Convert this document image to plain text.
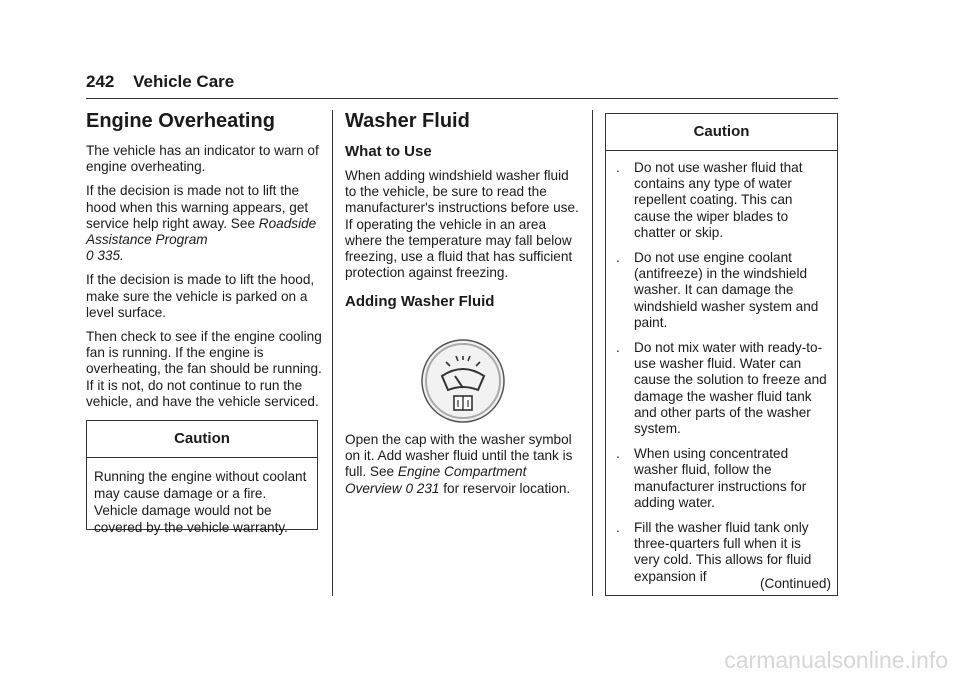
242 Vehicle Care
Engine Overheating

The vehicle has an indicator to warn of engine overheating.

If the decision is made not to lift the hood when this warning appears, get service help right away. See Roadside Assistance Program
0 335.

If the decision is made to lift the hood, make sure the vehicle is parked on a level surface.

Then check to see if the engine cooling fan is running. If the engine is overheating, the fan should be running. If it is not, do not continue to run the vehicle, and have the vehicle serviced.

Caution
Running the engine without coolant may cause damage or a fire. Vehicle damage would not be covered by the vehicle warranty.
Washer Fluid
What to Use

When adding windshield washer fluid to the vehicle, be sure to read the manufacturer's instructions before use. If operating the vehicle in an area where the temperature may fall below freezing, use a fluid that has sufficient protection against freezing.

Adding Washer Fluid

Open the cap with the washer symbol on it. Add washer fluid until the tank is full. See Engine Compartment Overview 0 231 for reservoir location.

Caution
.	Do not use washer fluid that contains any type of water repellent coating. This can cause the wiper blades to chatter or skip.
.	Do not use engine coolant (antifreeze) in the windshield washer. It can damage the windshield washer system and paint.
.	Do not mix water with ready-to-use washer fluid. Water can cause the solution to freeze and damage the washer fluid tank and other parts of the washer system.
.	When using concentrated washer fluid, follow the manufacturer instructions for adding water.
.	Fill the washer fluid tank only three-quarters full when it is very cold. This allows for fluid expansion if	(Continued)
carmanualsonline.info
